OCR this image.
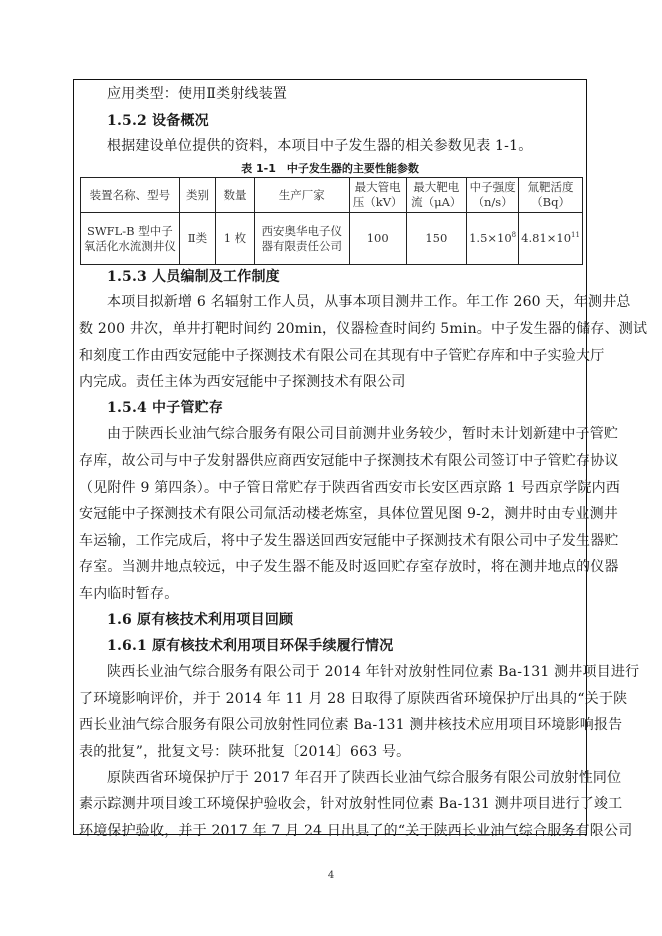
应用类型：使用Ⅱ类射线装置
1.5.2 设备概况
根据建设单位提供的资料，本项目中子发生器的相关参数见表 1-1。
表 1-1　中子发生器的主要性能参数
装置名称、型号	类别	数量	生产厂家	最大管电压（kV）	最大靶电流（μA）	中子强度（n/s）	氚靶活度（Bq）
SWFL-B 型中子氧活化水流测井仪	Ⅱ类	1 枚	西安奥华电子仪器有限责任公司	100	150	$1.5\times 10^8$	$4.81\times 10^{11}$
1.5.3 人员编制及工作制度
本项目拟新增 6 名辐射工作人员，从事本项目测井工作。年工作 260 天，年测井总
数 200 井次，单井打靶时间约 20min，仪器检查时间约 5min。中子发生器的储存、测试
和刻度工作由西安冠能中子探测技术有限公司在其现有中子管贮存库和中子实验大厅
内完成。责任主体为西安冠能中子探测技术有限公司
1.5.4 中子管贮存
由于陕西长业油气综合服务有限公司目前测井业务较少，暂时未计划新建中子管贮
存库，故公司与中子发射器供应商西安冠能中子探测技术有限公司签订中子管贮存协议
（见附件 9 第四条）。中子管日常贮存于陕西省西安市长安区西京路 1 号西京学院内西
安冠能中子探测技术有限公司氚活动楼老炼室，具体位置见图 9-2，测井时由专业测井
车运输，工作完成后，将中子发生器送回西安冠能中子探测技术有限公司中子发生器贮
存室。当测井地点较远，中子发生器不能及时返回贮存室存放时，将在测井地点的仪器
车内临时暂存。
1.6 原有核技术利用项目回顾
1.6.1 原有核技术利用项目环保手续履行情况
陕西长业油气综合服务有限公司于 2014 年针对放射性同位素 Ba-131 测井项目进行
了环境影响评价，并于 2014 年 11 月 28 日取得了原陕西省环境保护厅出具的“关于陕
西长业油气综合服务有限公司放射性同位素 Ba-131 测井核技术应用项目环境影响报告
表的批复”，批复文号：陕环批复〔2014〕663 号。
原陕西省环境保护厅于 2017 年召开了陕西长业油气综合服务有限公司放射性同位
素示踪测井项目竣工环境保护验收会，针对放射性同位素 Ba-131 测井项目进行了竣工
环境保护验收，并于 2017 年 7 月 24 日出具了的“关于陕西长业油气综合服务有限公司
4
